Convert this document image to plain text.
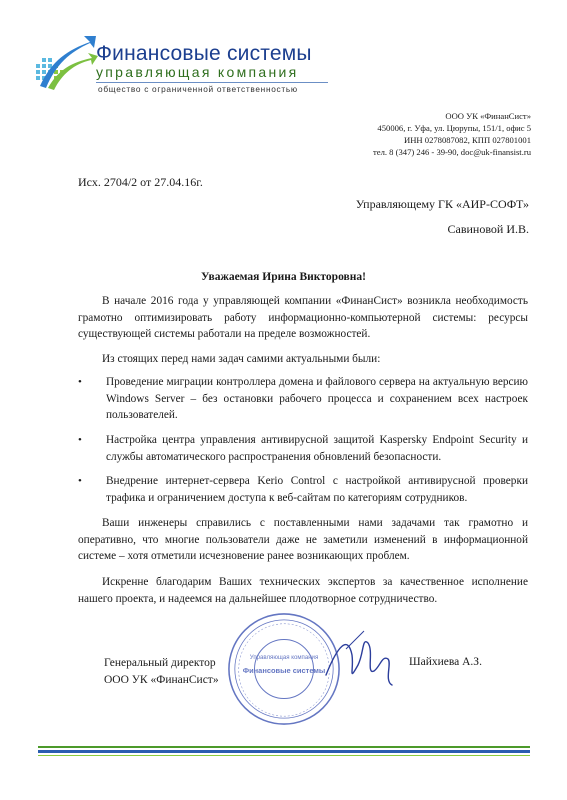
Финансовые системы
управляющая компания
общество с ограниченной ответственностью
ООО УК «ФинанСист»
450006, г. Уфа, ул. Цюрупы, 151/1, офис 5
ИНН 0278087082, КПП 027801001
тел. 8 (347) 246 - 39-90, doc@uk-finansist.ru
Исх. 2704/2 от 27.04.16г.
Управляющему ГК «АИР-СОФТ»
Савиновой И.В.
Уважаемая Ирина Викторовна!
В начале 2016 года у управляющей компании «ФинанСист» возникла необходимость грамотно оптимизировать работу информационно-компьютерной системы: ресурсы существующей системы работали на пределе возможностей.
Из стоящих перед нами задач самими актуальными были:
• Проведение миграции контроллера домена и файлового сервера на актуальную версию Windows Server – без остановки рабочего процесса и сохранением всех настроек пользователей.
• Настройка центра управления антивирусной защитой Kaspersky Endpoint Security и службы автоматического распространения обновлений безопасности.
• Внедрение интернет-сервера Kerio Control с настройкой антивирусной проверки трафика и ограничением доступа к веб-сайтам по категориям сотрудников.
Ваши инженеры справились с поставленными нами задачами так грамотно и оперативно, что многие пользователи даже не заметили изменений в информационной системе – хотя отметили исчезновение ранее возникающих проблем.
Искренне благодарим Ваших технических экспертов за качественное исполнение нашего проекта, и надеемся на дальнейшее плодотворное сотрудничество.
Управляющая компания
Финансовые системы
Генеральный директор
ООО УК «ФинанСист»
Шайхиева А.З.
